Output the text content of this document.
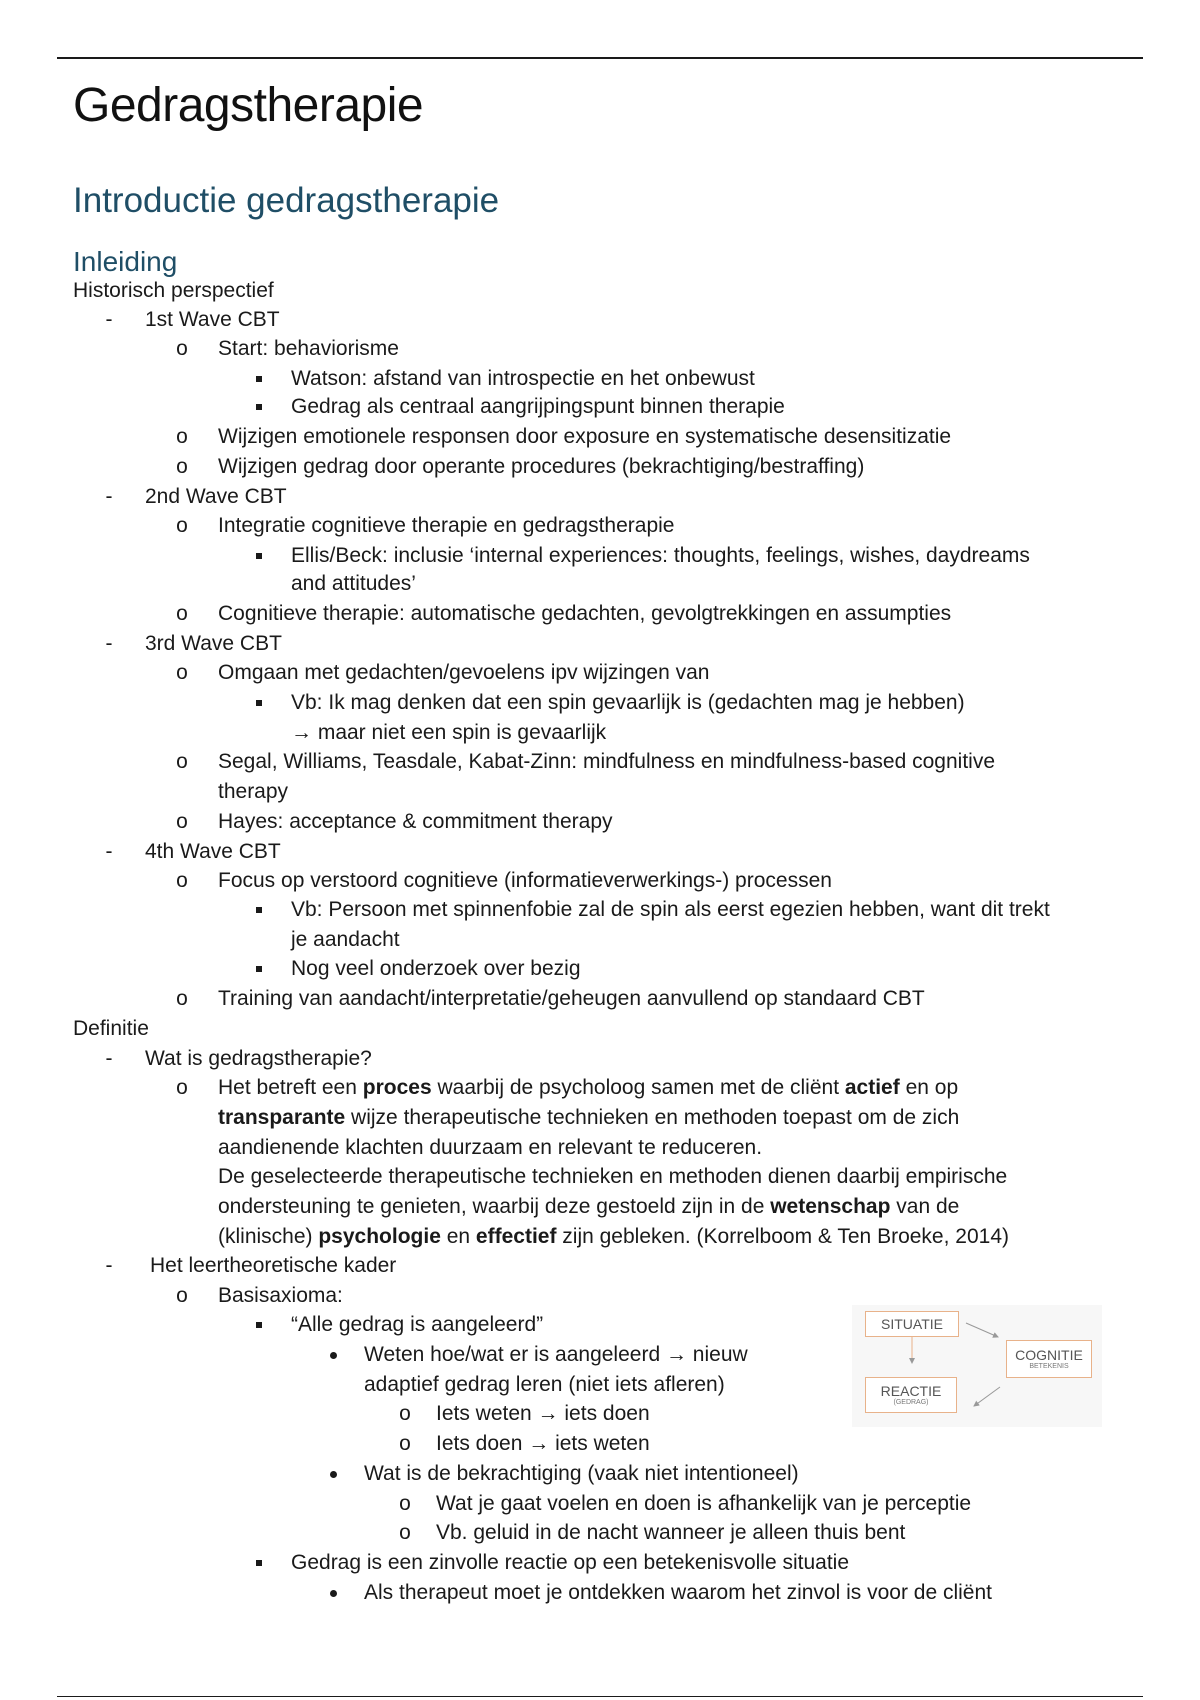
Gedragstherapie
Introductie gedragstherapie
Inleiding
Historisch perspectief
-	1st Wave CBT
o Start: behaviorisme
Watson: afstand van introspectie en het onbewust
Gedrag als centraal aangrijpingspunt binnen therapie
o Wijzigen emotionele responsen door exposure en systematische desensitizatie
o Wijzigen gedrag door operante procedures (bekrachtiging/bestraffing)
-	2nd Wave CBT
o Integratie cognitieve therapie en gedragstherapie
Ellis/Beck: inclusie ‘internal experiences: thoughts, feelings, wishes, daydreams
and attitudes’
o Cognitieve therapie: automatische gedachten, gevolgtrekkingen en assumpties
-	3rd Wave CBT
o Omgaan met gedachten/gevoelens ipv wijzingen van
Vb: Ik mag denken dat een spin gevaarlijk is (gedachten mag je hebben)
→ maar niet een spin is gevaarlijk
o Segal, Williams, Teasdale, Kabat-Zinn: mindfulness en mindfulness-based cognitive
therapy
o Hayes: acceptance & commitment therapy
-	4th Wave CBT
o Focus op verstoord cognitieve (informatieverwerkings-) processen
Vb: Persoon met spinnenfobie zal de spin als eerst egezien hebben, want dit trekt
je aandacht
Nog veel onderzoek over bezig
o Training van aandacht/interpretatie/geheugen aanvullend op standaard CBT
Definitie
-	Wat is gedragstherapie?
o Het betreft een proces waarbij de psycholoog samen met de cliënt actief en op
transparante wijze therapeutische technieken en methoden toepast om de zich
aandienende klachten duurzaam en relevant te reduceren.
De geselecteerde therapeutische technieken en methoden dienen daarbij empirische
ondersteuning te genieten, waarbij deze gestoeld zijn in de wetenschap van de
(klinische) psychologie en effectief zijn gebleken. (Korrelboom & Ten Broeke, 2014)
-	Het leertheoretische kader
o Basisaxioma:
“Alle gedrag is aangeleerd”
Weten hoe/wat er is aangeleerd → nieuw
adaptief gedrag leren (niet iets afleren)
o Iets weten → iets doen
o Iets doen → iets weten
Wat is de bekrachtiging (vaak niet intentioneel)
o Wat je gaat voelen en doen is afhankelijk van je perceptie
o Vb. geluid in de nacht wanneer je alleen thuis bent
Gedrag is een zinvolle reactie op een betekenisvolle situatie
Als therapeut moet je ontdekken waarom het zinvol is voor de cliënt
SITUATIE
COGNITIE
BETEKENIS
REACTIE
(GEDRAG)
